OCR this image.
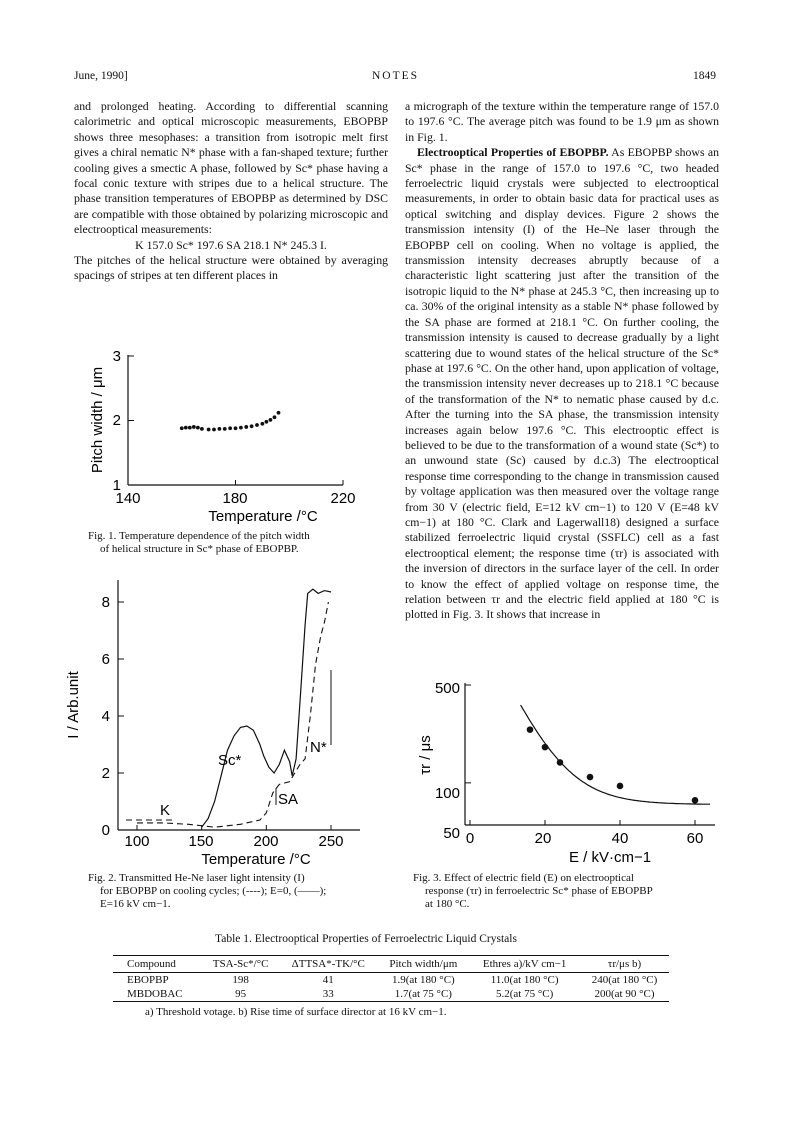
June, 1990]	NOTES	1849

and prolonged heating. According to differential scanning calorimetric and optical microscopic measurements, EBOPBP shows three mesophases: a transition from isotropic melt first gives a chiral nematic N* phase with a fan-shaped texture; further cooling gives a smectic A phase, followed by Sc* phase having a focal conic texture with stripes due to a helical structure. The phase transition temperatures of EBOPBP as determined by DSC are compatible with those obtained by polarizing microscopic and electrooptical measurements:

K 157.0 Sc* 197.6 SA 218.1 N* 245.3 I.

The pitches of the helical structure were obtained by averaging spacings of stripes at ten different places in

a micrograph of the texture within the temperature range of 157.0 to 197.6 °C. The average pitch was found to be 1.9 μm as shown in Fig. 1.

Electrooptical Properties of EBOPBP. As EBOPBP shows an Sc* phase in the range of 157.0 to 197.6 °C, two headed ferroelectric liquid crystals were subjected to electrooptical measurements, in order to obtain basic data for practical uses as optical switching and display devices. Figure 2 shows the transmission intensity (I) of the He–Ne laser through the EBOPBP cell on cooling. When no voltage is applied, the transmission intensity decreases abruptly because of a characteristic light scattering just after the transition of the isotropic liquid to the N* phase at 245.3 °C, then increasing up to ca. 30% of the original intensity as a stable N* phase followed by the SA phase are formed at 218.1 °C. On further cooling, the transmission intensity is caused to decrease gradually by a light scattering due to wound states of the helical structure of the Sc* phase at 197.6 °C. On the other hand, upon application of voltage, the transmission intensity never decreases up to 218.1 °C because of the transformation of the N* to nematic phase caused by d.c. After the turning into the SA phase, the transmission intensity increases again below 197.6 °C. This electrooptic effect is believed to be due to the transformation of a wound state (Sc*) to an unwound state (Sc) caused by d.c.3) The electrooptical response time corresponding to the change in transmission caused by voltage application was then measured over the voltage range from 30 V (electric field, E=12 kV cm−1) to 120 V (E=48 kV cm−1) at 180 °C. Clark and Lagerwall18) designed a surface stabilized ferroelectric liquid crystal (SSFLC) cell as a fast electrooptical element; the response time (τr) is associated with the inversion of directors in the surface layer of the cell. In order to know the effect of applied voltage on response time, the relation between τr and the electric field applied at 180 °C is plotted in Fig. 3. It shows that increase in

140	180	220
1
2
3
Temperature /°C
Pitch width / μm
Fig. 1. Temperature dependence of the pitch width
of helical structure in Sc* phase of EBOPBP.
K
Sc*
SA
N*
100	150	200	250
0
2
4
6
8
Temperature /°C
I / Arb.unit
Fig. 2. Transmitted He-Ne laser light intensity (I)
for EBOPBP on cooling cycles; (----); E=0, (——);
E=16 kV cm−1.
500
100
50 0	20	40	60
E / kV·cm−1
τr / μs
Fig. 3. Effect of electric field (E) on electrooptical
response (τr) in ferroelectric Sc* phase of EBOPBP
at 180 °C.
Table 1. Electrooptical Properties of Ferroelectric Liquid Crystals
Compound	TSA-Sc*/°C	ΔTTSA*-TK/°C	Pitch width/μm	Ethres a)/kV cm−1	τr/μs b)
EBOPBP	198	41	1.9(at 180 °C)	11.0(at 180 °C)	240(at 180 °C)
MBDOBAC	95	33	1.7(at 75 °C)	5.2(at 75 °C)	200(at 90 °C)
a) Threshold votage. b) Rise time of surface director at 16 kV cm−1.
